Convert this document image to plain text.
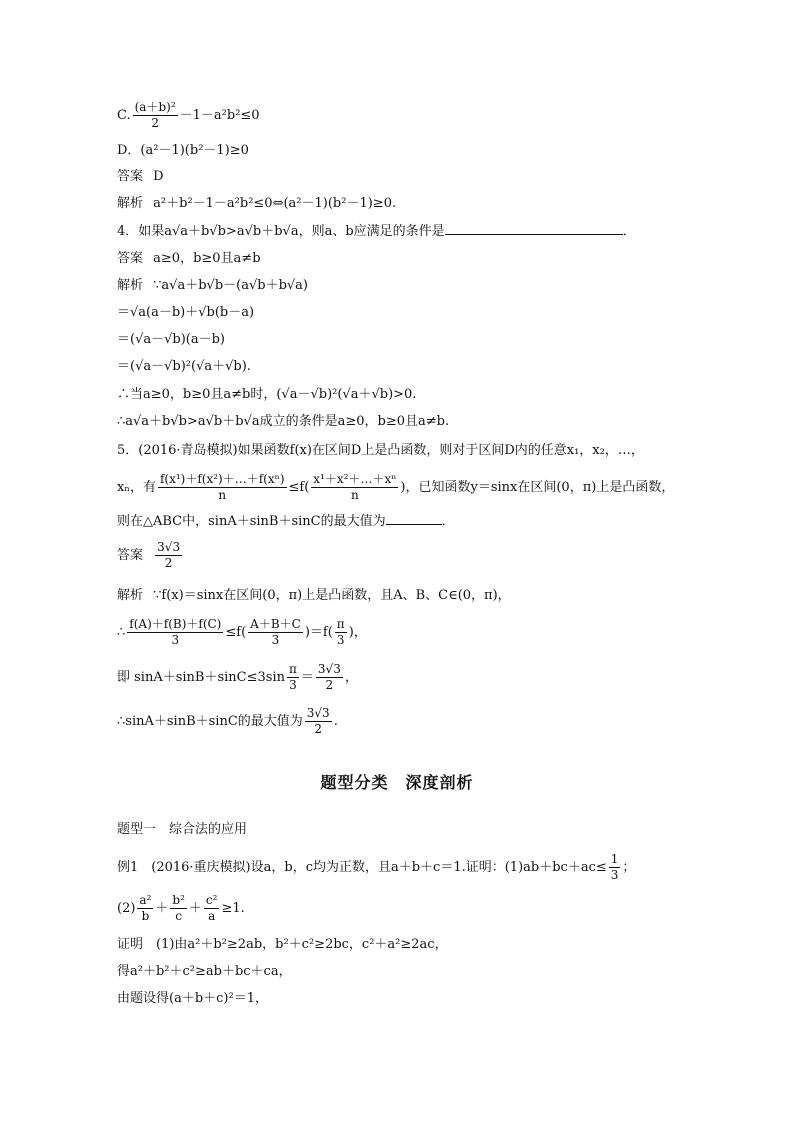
C. $\frac{\text{(a＋b)²}}{2} -1-a^2b^2\le 0$
D．(a²－1)(b²－1)≥0
答案 D
解析 a²＋b²－1－a²b²≤0⇔(a²－1)(b²－1)≥0.
4．如果a√a＋b√b>a√b＋b√a，则a、b应满足的条件是	．
答案 a≥0，b≥0且a≠b
解析 ∵a√a＋b√b－(a√b＋b√a)
＝√a(a－b)＋√b(b－a)
＝(√a－√b)(a－b)
＝(√a－√b)²(√a＋√b).
∴当a≥0，b≥0且a≠b时，(√a－√b)²(√a＋√b)>0.
∴a√a＋b√b>a√b＋b√a成立的条件是a≥0，b≥0且a≠b.
5．(2016·青岛模拟)如果函数f(x)在区间D上是凸函数，则对于区间D内的任意x₁，x₂，…，
xₙ，有 $\frac{\text{f(x¹)＋f(x²)＋…＋f(xⁿ)}}{n} \le f( \frac{\text{x¹＋x²＋…＋xⁿ}}{n}$ )，已知函数y＝sinx在区间(0，π)上是凸函数，
则在△ABC中，sinA＋sinB＋sinC的最大值为	．
答案 $\frac{3√3}{2}$
解析 ∵f(x)＝sinx在区间(0，π)上是凸函数，且A、B、C∈(0，π)，
∴ $\frac{f(A)+f(B)+f(C)}{3} \le f( \frac{A+B+C}{3} )=f( \frac{\pi}{3}$ )，
即 $\sin A+\sin B+\sin C\le 3\sin \frac{\pi}{3} = \frac{3√3}{2}$ ，
∴sinA＋sinB＋sinC的最大值为 $\frac{3√3}{2}$ .
题型分类　深度剖析
题型一　综合法的应用
例1　(2016·重庆模拟)设a，b，c均为正数，且a＋b＋c＝1.证明：$(1)ab+bc+ac\le \frac{1}{3}$ ；
$(2) \frac{\text{a²}}{b} + \frac{\text{b²}}{c} + \frac{\text{c²}}{a} \ge 1$.
证明　(1)由a²＋b²≥2ab，b²＋c²≥2bc，c²＋a²≥2ac，
得a²＋b²＋c²≥ab＋bc＋ca，
由题设得(a＋b＋c)²＝1，
